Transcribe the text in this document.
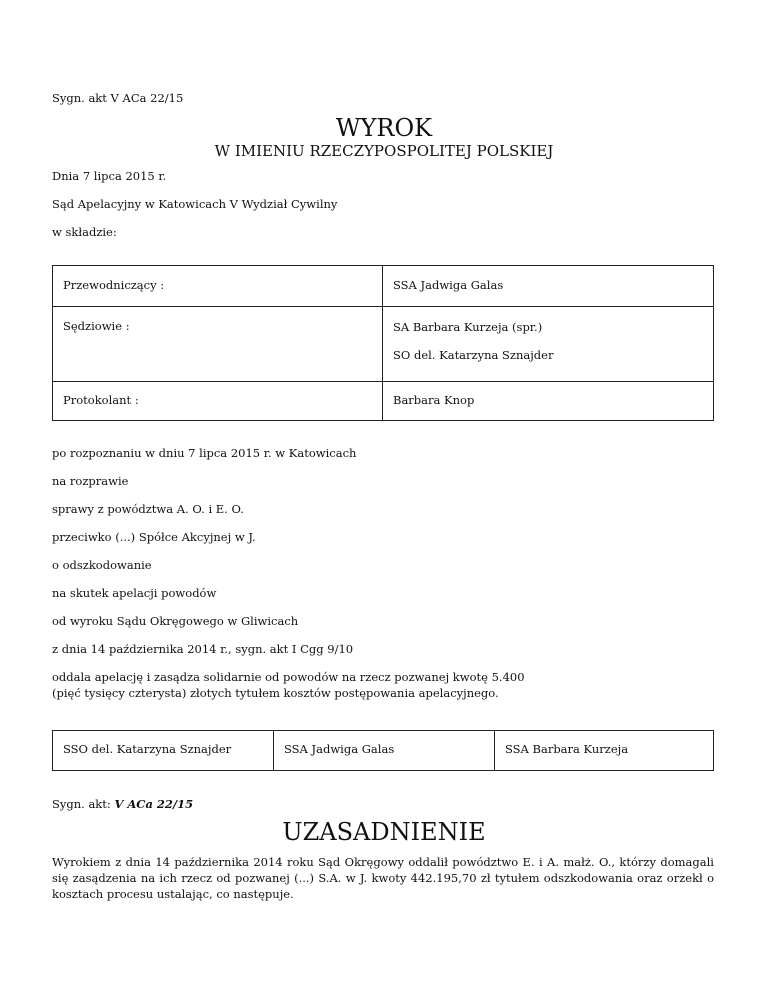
Sygn. akt V ACa 22/15
WYROK
W IMIENIU RZECZYPOSPOLITEJ POLSKIEJ
Dnia 7 lipca 2015 r.
Sąd Apelacyjny w Katowicach V Wydział Cywilny
w składzie:
Przewodniczący :	SSA Jadwiga Galas
Sędziowie :	SA Barbara Kurzeja (spr.)
SO del. Katarzyna Sznajder

Protokolant :	Barbara Knop
po rozpoznaniu w dniu 7 lipca 2015 r. w Katowicach
na rozprawie
sprawy z powództwa A. O. i E. O.
przeciwko (...) Spółce Akcyjnej w J.
o odszkodowanie
na skutek apelacji powodów
od wyroku Sądu Okręgowego w Gliwicach
z dnia 14 października 2014 r., sygn. akt I Cgg 9/10
oddala apelację i zasądza solidarnie od powodów na rzecz pozwanej kwotę 5.400
(pięć tysięcy czterysta) złotych tytułem kosztów postępowania apelacyjnego.
SSO del. Katarzyna Sznajder	SSA Jadwiga Galas	SSA Barbara Kurzeja
Sygn. akt: V ACa 22/15
UZASADNIENIE
Wyrokiem z dnia 14 października 2014 roku Sąd Okręgowy oddalił powództwo E. i A. małż. O., którzy domagali się zasądzenia na ich rzecz od pozwanej (...) S.A. w J. kwoty 442.195,70 zł tytułem odszkodowania oraz orzekł o kosztach procesu ustalając, co następuje.
